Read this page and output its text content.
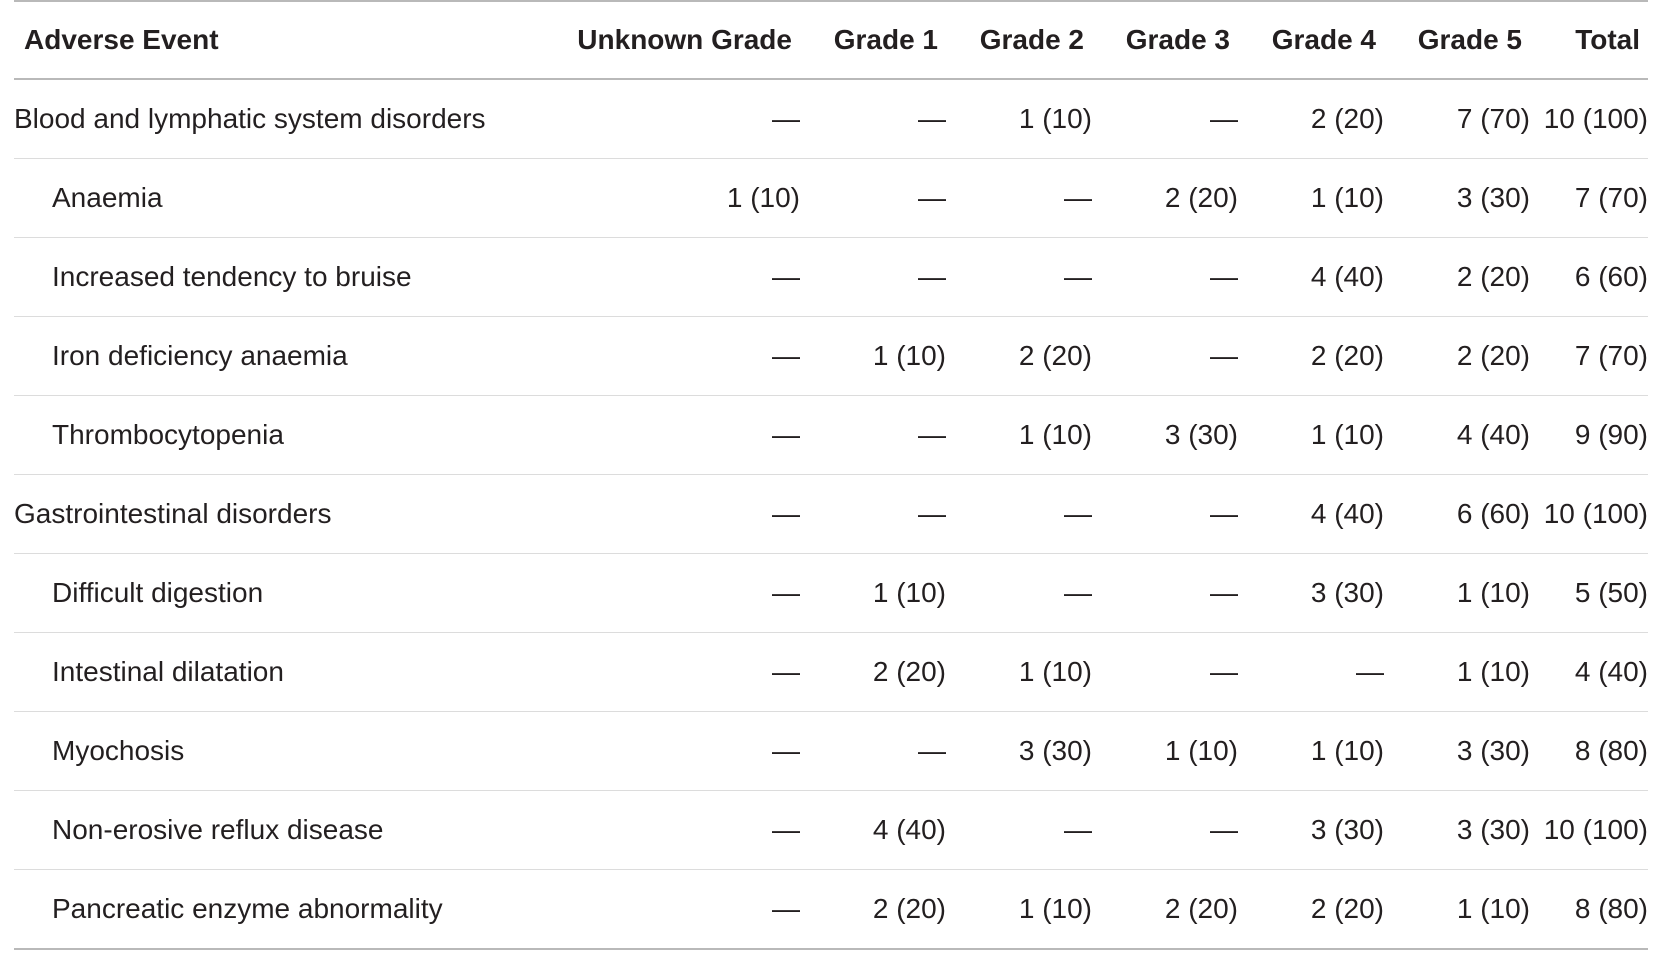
Adverse Event	Unknown Grade	Grade 1	Grade 2	Grade 3	Grade 4	Grade 5	Total
Blood and lymphatic system disorders	—	—	1 (10)	—	2 (20)	7 (70)	10 (100)
Anaemia	1 (10)	—	—	2 (20)	1 (10)	3 (30)	7 (70)
Increased tendency to bruise	—	—	—	—	4 (40)	2 (20)	6 (60)
Iron deficiency anaemia	—	1 (10)	2 (20)	—	2 (20)	2 (20)	7 (70)
Thrombocytopenia	—	—	1 (10)	3 (30)	1 (10)	4 (40)	9 (90)
Gastrointestinal disorders	—	—	—	—	4 (40)	6 (60)	10 (100)
Difficult digestion	—	1 (10)	—	—	3 (30)	1 (10)	5 (50)
Intestinal dilatation	—	2 (20)	1 (10)	—	—	1 (10)	4 (40)
Myochosis	—	—	3 (30)	1 (10)	1 (10)	3 (30)	8 (80)
Non-erosive reflux disease	—	4 (40)	—	—	3 (30)	3 (30)	10 (100)
Pancreatic enzyme abnormality	—	2 (20)	1 (10)	2 (20)	2 (20)	1 (10)	8 (80)
